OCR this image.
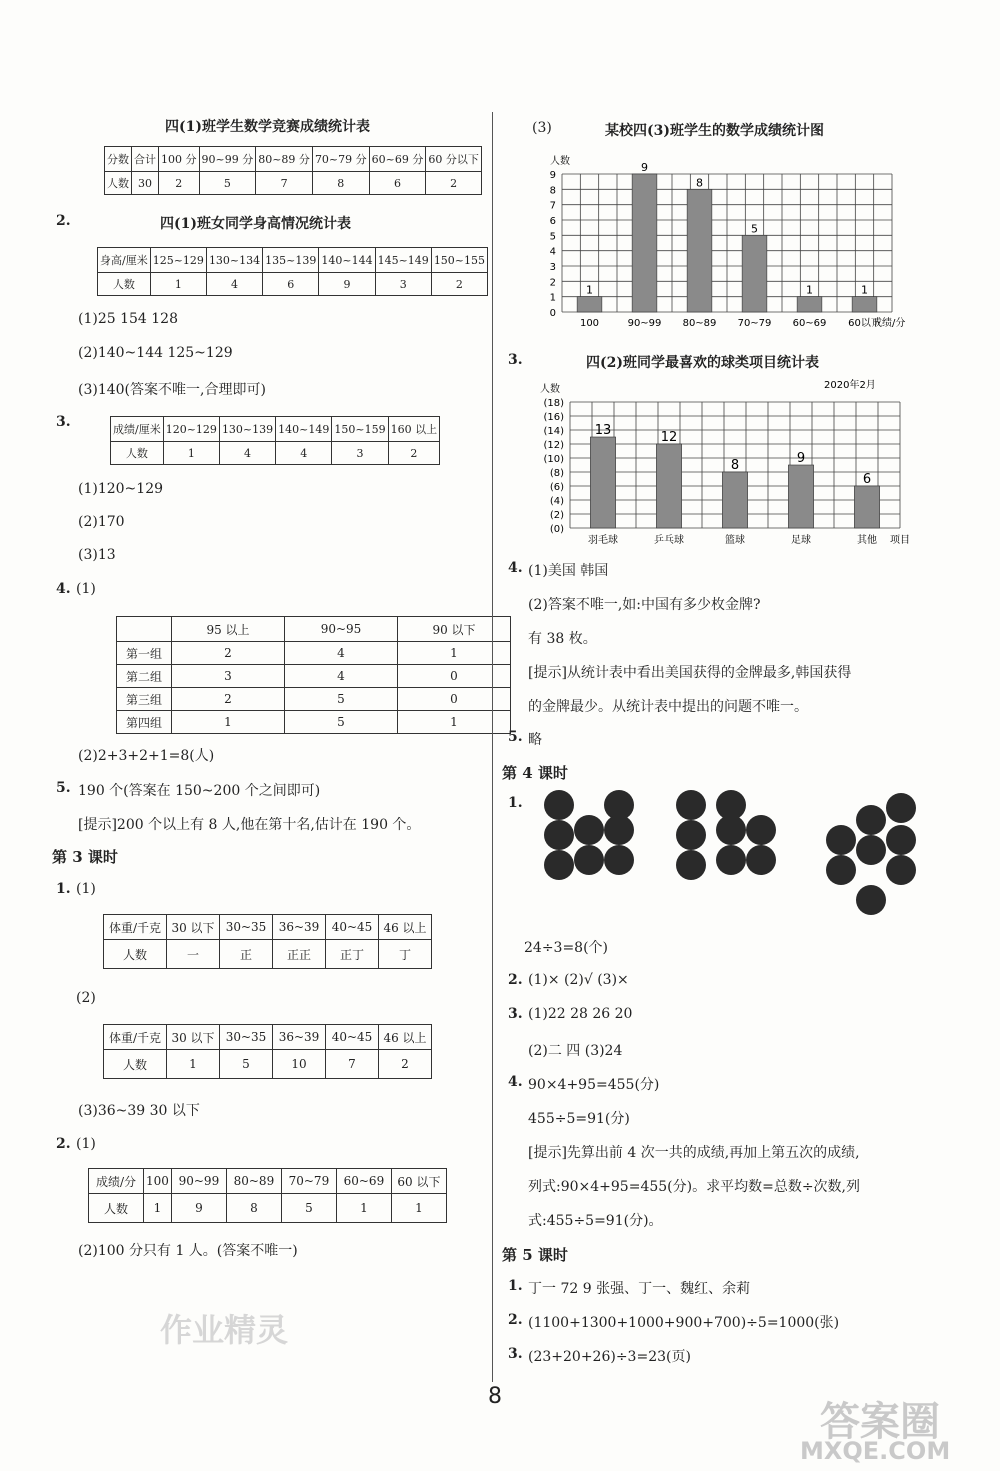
四(1)班学生数学竞赛成绩统计表
分数	合计	100 分	90~99 分	80~89 分	70~79 分	60~69 分	60 分以下
人数	30	2	5	7	8	6	2
2.	四(1)班女同学身高情况统计表
身高/厘米	125~129	130~134	135~139	140~144	145~149	150~155
人数	1	4	6	9	3	2
(1)25 154 128
(2)140~144 125~129
(3)140(答案不唯一,合理即可)
3.	成绩/厘米	120~129	130~139	140~149	150~159	160 以上
人数	1	4	4	3	2
(1)120~129
(2)170
(3)13
4. (1)
	95 以上	90~95	90 以下
第一组	2	4	1
第二组	3	4	0
第三组	2	5	0
第四组	1	5	1
(2)2+3+2+1=8(人)
5. 190 个(答案在 150~200 个之间即可)
[提示]200 个以上有 8 人,他在第十名,估计在 190 个。
第 3 课时
1. (1)
体重/千克	30 以下	30~35	36~39	40~45	46 以上
人数	一	正	正正	正丁	丁
(2)
体重/千克	30 以下	30~35	36~39	40~45	46 以上
人数	1	5	10	7	2
(3)36~39 30 以下
2. (1)
成绩/分	100	90~99	80~89	70~79	60~69	60 以下
人数	1	9	8	5	1	1
(2)100 分只有 1 人。(答案不唯一)
作业精灵
(3)	某校四(3)班学生的数学成绩统计图
0
1
2
3
4
5
6
7
8
9
1
100
9
90~99
8
80~89
5
70~79
1
60~69
1
60以下
人数
成绩/分
3.	四(2)班同学最喜欢的球类项目统计表
(0)
(2)
(4)
(6)
(8)
(10)
(12)
(14)
(16)
(18)
13
羽毛球
12
乒乓球
8
篮球
9
足球
6
其他
人数
项目
2020年2月
4. (1)美国 韩国
(2)答案不唯一,如:中国有多少枚金牌?
有 38 枚。
[提示]从统计表中看出美国获得的金牌最多,韩国获得
的金牌最少。从统计表中提出的问题不唯一。
5. 略
第 4 课时
1.
24÷3=8(个)
2. (1)× (2)√ (3)×
3. (1)22 28 26 20
(2)二 四 (3)24
4. 90×4+95=455(分)
455÷5=91(分)
[提示]先算出前 4 次一共的成绩,再加上第五次的成绩,
列式:90×4+95=455(分)。求平均数=总数÷次数,列
式:455÷5=91(分)。
第 5 课时
1. 丁一 72 9 张强、丁一、魏红、余莉
2. (1100+1300+1000+900+700)÷5=1000(张)
3. (23+20+26)÷3=23(页)
8
答案圈
MXQE.COM
